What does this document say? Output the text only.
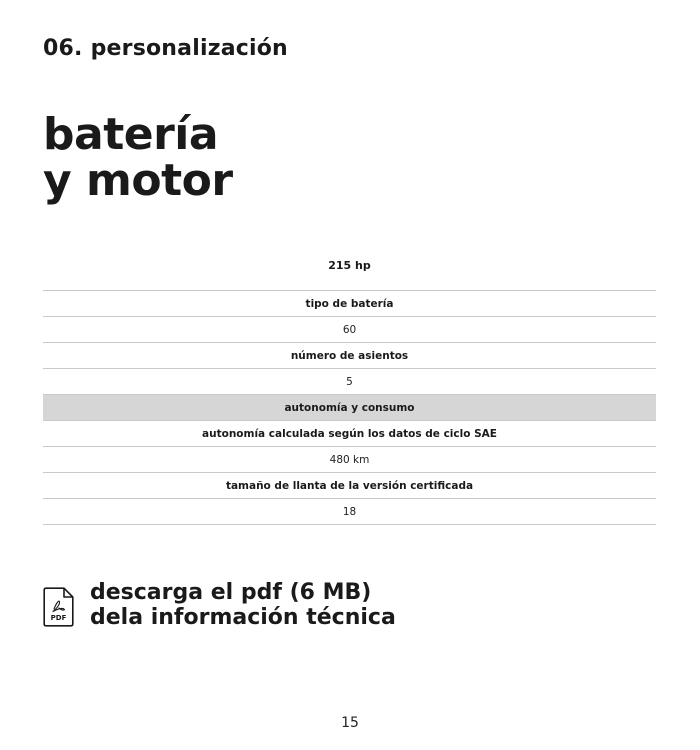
06. personalización
batería
y motor
215 hp
tipo de batería
60
número de asientos
5
autonomía y consumo
autonomía calculada según los datos de ciclo SAE
480 km
tamaño de llanta de la versión certificada
18
PDF
descarga el pdf (6 MB)
dela información técnica
15
